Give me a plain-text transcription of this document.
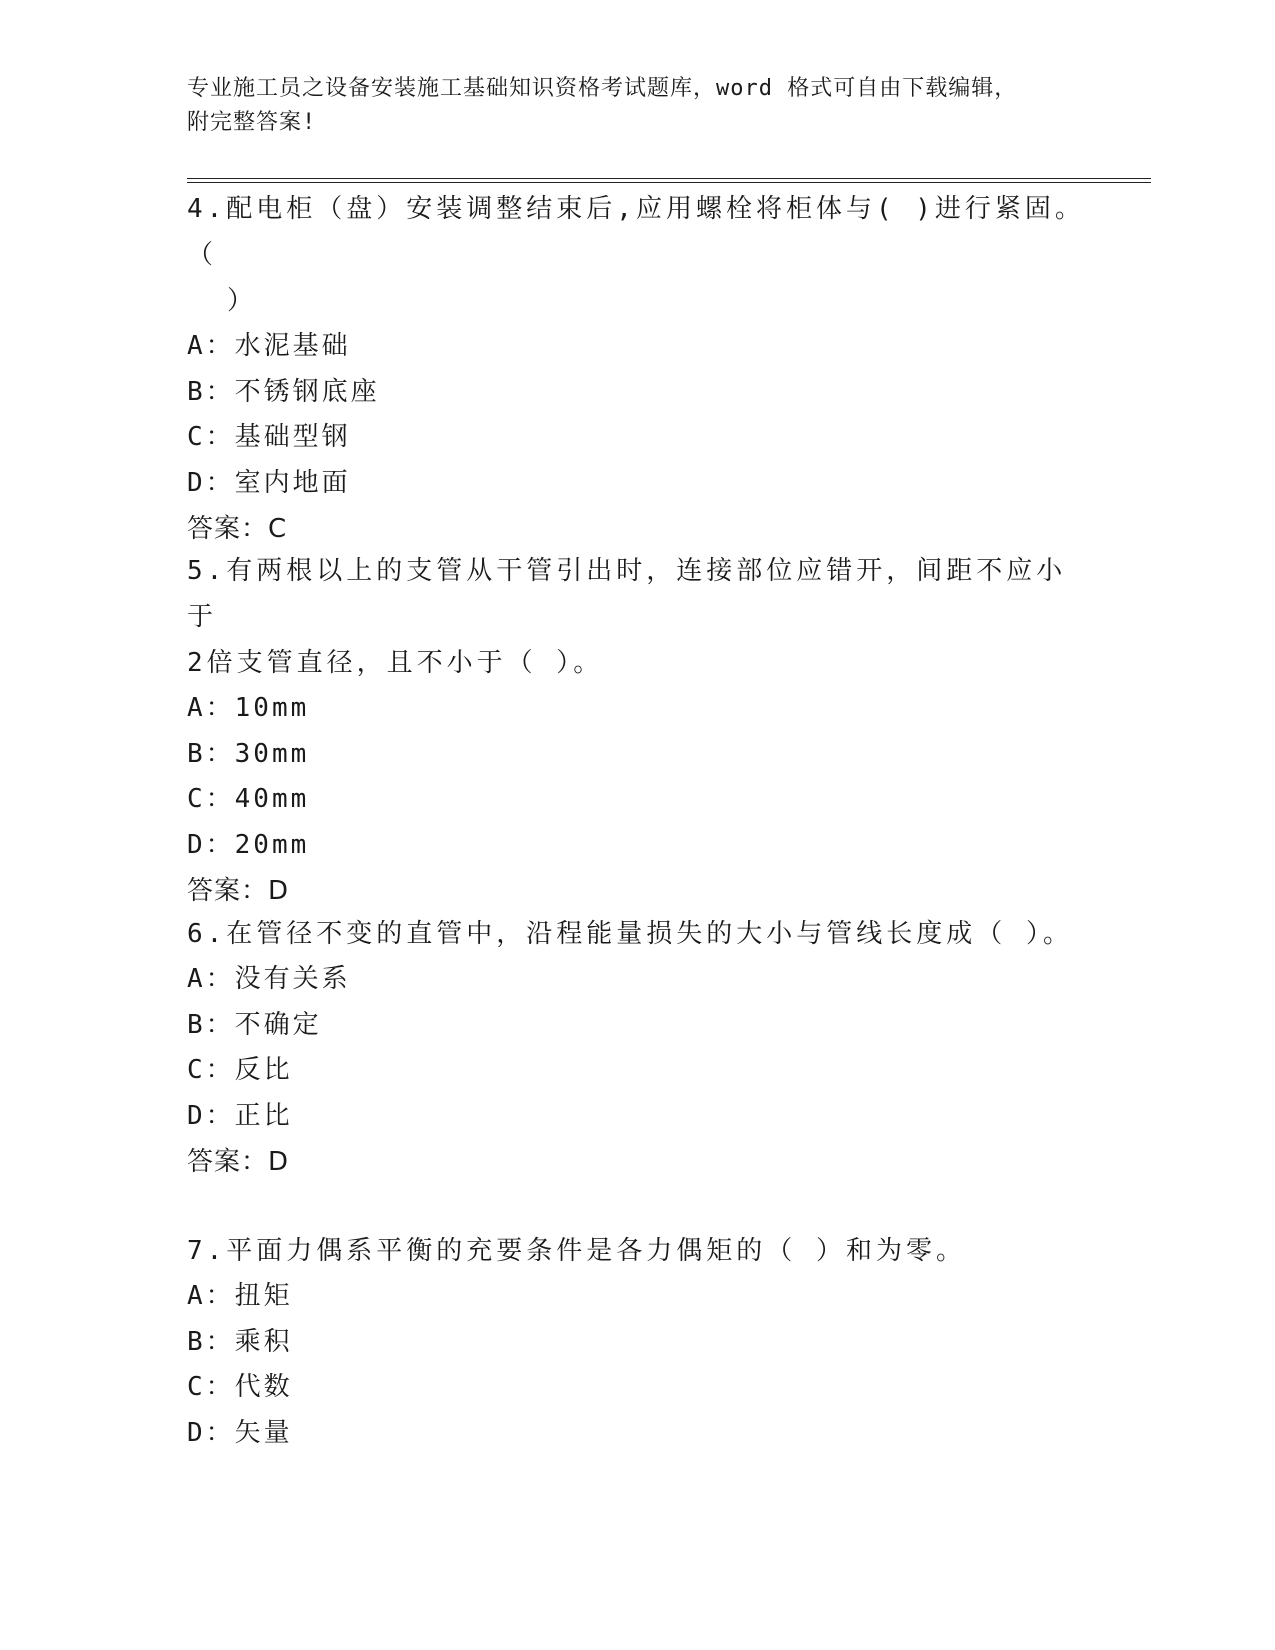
专业施工员之设备安装施工基础知识资格考试题库，word 格式可自由下载编辑，
附完整答案!

4.配电柜（盘）安装调整结束后,应用螺栓将柜体与( )进行紧固。（

）

A：水泥基础

B：不锈钢底座

C：基础型钢

D：室内地面

答案：C

5.有两根以上的支管从干管引出时，连接部位应错开，间距不应小于

2倍支管直径，且不小于（ ）。

A：10mm

B：30mm

C：40mm

D：20mm

答案：D

6.在管径不变的直管中，沿程能量损失的大小与管线长度成（ ）。

A：没有关系

B：不确定

C：反比

D：正比

答案：D

7.平面力偶系平衡的充要条件是各力偶矩的（ ）和为零。

A：扭矩

B：乘积

C：代数

D：矢量
